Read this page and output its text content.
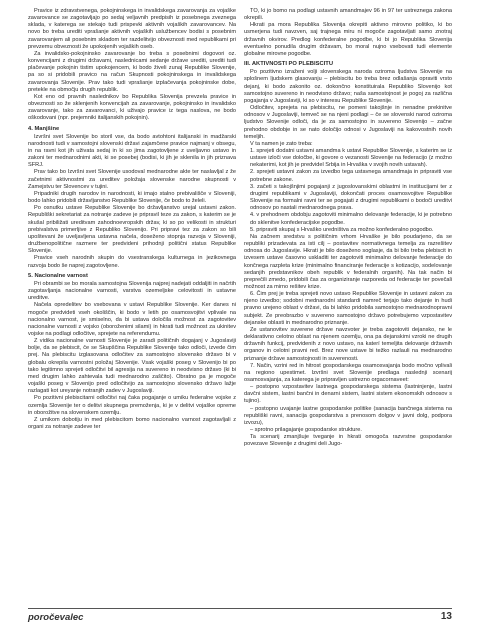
Pravice iz zdravstvenega, pokojninskega in invalidskega zavarovanja za vojaške zavarovance se zagotavljajo po sedaj veljavnih predpisih iz posebnega zveznega sklada, v katerega se stekajo tudi prispevki aktivnih vojaških zavarovancev. Na novo bo treba urediti vprašanje aktivnih vojaških uslužbencev bodisi s posebnim zavarovanjem ali posebnim skladom ter razdelitvijo obveznosti med republikami pri prevzemu obveznosti že upokojenih vojaških oseb.

Za invalidsko-pokojninsko zavarovanje bo treba s posebnimi dogovori oz. konvencijami z drugimi državami, naslednicami sedanje države urediti, urediti tudi plačevanje pokojnin tistim upokojencem, ki bodo živeli zunaj Republike Slovenije, pa so si pridobili pravico na račun Skupnosti pokojninskega in invalidskega zavarovanja Slovenije. Prav tako tudi vprašanje izplačevanja pokojninske dobe, pretekle na območju drugih republik.

Kot eno od pravnih naslednikov bo Republika Slovenija prevzela pravice in obveznosti so že sklenjenih konvencijah za zavarovanje, pokojninsko in invalidsko zavarovanje, tako za zavarovanci, ki uživajo pravice iz tega naslova, ne bodo oškodovani (npr. prejemniki italijanskih pokojnin).

4. Manjšine

Izvršni svet Slovenije bo storil vse, da bodo avtohtoni italijanski in madžarski narodnosti tudi v samostojni slovenski državi zajamčene pravice najmanj v obsegu, in na ravni kot jih uživata sedaj in ki so jima zagotovljene z uveljavno ustavo in zakoni ter mednarodnimi akti, ki se posebej (bodisi, ki jih je sklenila in jih priznava SFRJ.

Prav tako bo Izvršni svet Slovenije usodoval mednarodne akte ter naslavljal z že začetnimi aktivnostmi za ureditev položaja slovenske narodne skupnosti v Zamejstvu ter Slovencev v tujini.

Pripadniki drugih narodov in narodnosti, ki imajo stalno prebivališče v Sloveniji, bodo lahko pridobili državljanstvo Republike Slovenije, če bodo to želeli.

Po osnutku ustave Republike Slovenije bo državljanstvo urejal ustavni zakon. Republiški sekretariat za notranje zadeve je pripravil teze za zakon, s katerim se je skušal pribiližati ureditvam zahodnoevropskih držav, ki so po velikosti in strukturi prebivalstva primerljive z Republiko Slovenijo. Pri pripravi tez za zakon so bili upoštevani že uveljavljena ustavna načela, doseženo stopnja razvoja v Sloveniji, družbenopolitične razmere ter predvideni prihodnji politični status Republike Slovenije.

Pravice vseh narodnih skupin do vsestranskega kulturnega in jezikovnega razvoja bodo še naprej zagotovljene.

5. Nacionalne varnost

Pri obrambi se bo morala samostojna Slovenija najprej nadejati oddaljiti in načrtih zagotavljanja nacionalne varnosti, varstva ozemeljske celovitosti in ustavne ureditve.

Načela opredelitev bo vsebovana v ustavi Republike Slovenije. Ker danes ni mogoče predvideti vseh okoliščin, ki bodo v letih po osamosvojitvi vplivale na nacionalno varnost, je smiselno, da bi ustava določila možnost za zagotovitev nacionalne varnosti z vojsko (oboroženimi silami) in hkrati tudi možnost za ukinitev vojske na podlagi odločitve, sprejete na referendumu.

Z vidika nacionalne varnosti Slovenije je zaradi političnih dogajanj v Jugoslaviji bolje, da se plebiscit, če se Skupščina Republike Slovenije tako odloči, izvede čim prej. Na plebiscitu izglasovana odločitev za samostojno slovensko državo bi v globalu okrepila varnostni položaj Slovenije. Vsak vojaški poseg v Slovenijo bi po tako legitimno sprejeti odločitvi bil agresija na suvereno in neodvisno državo (ki bi med drugim lahko zahtevala tudi mednarodno zaščito). Obratno pa je mogoče vojaški poseg v Slovenijo pred odločitvijo za samostojno slovensko državo lažje razlagati kot ureyanje notranjih zadev v Jugoslaviji.

Po pozitivni plebiscitarni odločitvi naj čaka pogajanje o umiku federalne vojske z ozemlja Slovenije ter o delitvi skupnega premoženja, ki je v delitvi vojaške opreme in oborožitve na slovenskem ozemlju.

Z umikom dobotiju in med plebiscitom bomo nacionalno varnost zagotavljali z organi za notranje zadeve ter

TO, ki jo bomo na podlagi ustavnih amandmajev 96 in 97 ter ustreznega zakona okrepili.

Hkrati pa mora Republika Slovenija okrepiti aktivno mirovno politiko, ki bo usmerjena tudi navzven, saj trajnega miru ni mogoče zagotavljati samo znotraj državnih okvirov. Predlog konfederalne pogodbe, ki bi jo Republika Slovenija eventuelno ponudila drugim državam, bo moral nujno vsebovati tudi elemente globalne mirovne pogodbe.

III. AKTIVNOSTI PO PLEBISCITU

Po pozitivno izraženi volji slovenskega naroda oziroma ljudstva Slovenije na splošnem ljudskem glasovanju – plebiscitu bo treba brez odlašanja opraviti vrsto dejanj, ki bodo zakonito oz. dokončno konstituirala Republiko Slovenijo kot samostojno suvereno in neodvisno državo; naša samostojnost je pogoj za različna pogajanja v Jugoslaviji, ki so v interesu Republike Slovenije.

Odločitev, sprejeta na plebiscitu, ne pomeni takojšnje in nenadne prekinitve odnosov v Jugoslaviji, temveč se na njeni podlagi – če se slovenski narod oziroma ljudstvo Slovenije odloči, da je za samostojno in suvereno Slovenijo – začne prehodno obdobje in se nato določijo odnosi v Jugoslaviji na kakovostnih novih temeljih.

V ta namen je zato treba:

1. sprejeti dodatni ustavni amandma k ustavi Republike Slovenije, s katerim se iz ustave izloči vse določbe, ki govore o vezanosti Slovenije na federacijo (z možno nekaterimi, kot jih je predvidel Srbija in Hrvaška v svojih novih ustavah).
2. sprejeti ustavni zakon za izvedbo tega ustavnega amandmaja in pripraviti vse potrebne zakone.
3. začeti s takojšnjimi pogajanji z jugoslovanskimi oblastmi in institucijami ter z drugimi republikami v Jugoslaviji, dokončati proces osamosvojitve Republike Slovenije na formalni ravni ter se pogajati z drugimi republikami o bodoči ureditvi odnosov po nastali mednarodnega prava.
4. v prehodnem obdobju zagotoviti minimalno delovanje federacije, ki je potrebno do sklenitve konfederacijske pogodbe.
5. pripraviti skupaj s Hrvaško uredništva za možno konfederalno pogodbo.

Na začnem sredstvu s političnim vrhom Hrvaške je bilo poudarjeno, da se republiki prizadevata za isti cilj – postavitev normativnega temelja za razrešitev odnosa do Jugoslavije. Hkrati je bilo doseženo soglasje, da bi bilo treba plebiscit in izvesem ustave časovno uskladiti ter zagotoviti minimalno delovanje federacije do končnega razpleta krize (minimalno financiranje federacije s kotizacijo, sodelovanje sedanjih predstavnikov obeh republik v federalnih organih). Na tak način bi preprečili zmedo, pridobili čas za organiziranje razporeda od federacije ter povečali možnost za mirno rešitev krize.

6. Čim prej je treba sprejeti novo ustavo Republike Slovenije in ustavni zakon za njeno izvedbo; sodobni mednarodni standardi namreč terjajo tako dejanje in hudi pravno urejeno oblast v državi, da bi lahko pridobila samostojno mednarodnopravni subjekt. Ze preobrazbo v suvereno samostojno državo potrebujemo vzpostavitev dejanske oblasti in mednarodno priznanje.

Ze ustanovitev suverene države navzvoter je treba zagotoviti dejansko, ne le deklarativno celotno oblast na njenem ozemlju, ona pa dejanskimi vzroki ne drugih državnih funkcij, predvidenih z novo ustavo, na katerí temeljita delovanje državnih organov in celotni pravni red. Brez nove ustave bi težko razlauli na mednarodno priznanje države samostojnosti in suverenosti.

7. Način, vzrini red in hitrost gospodarskega osamosvajanja bodo močno vplivali na regiono upestimet. Izvršni svet Slovenije predlaga naslednji scenarij osamosvajanja, za katerega je pripravljen ustrezno orgacornaveet:

– postopno vzpostavitev lastnega gospodarskega sistema (lastninjenje, lastni davčni sistem, lastni bančni in denarni sistem, lastni sistem ekonomskih odnosov s tujino).

– postopno uvajanje lastne gospodarske politike (sanacija bančnega sistema na republiški ravni, sanacija gospodarstva s prenosom dolgov v javni dolg, podpora izvozu),

– sprotno prilagajanje gospodarske strukture.

Ta scenarij zmanjšuje tveganje in hkrati omogoča razvrstne gospodarske povezave Slovenije z drugimi deli Jugo-

poročevalec	13
